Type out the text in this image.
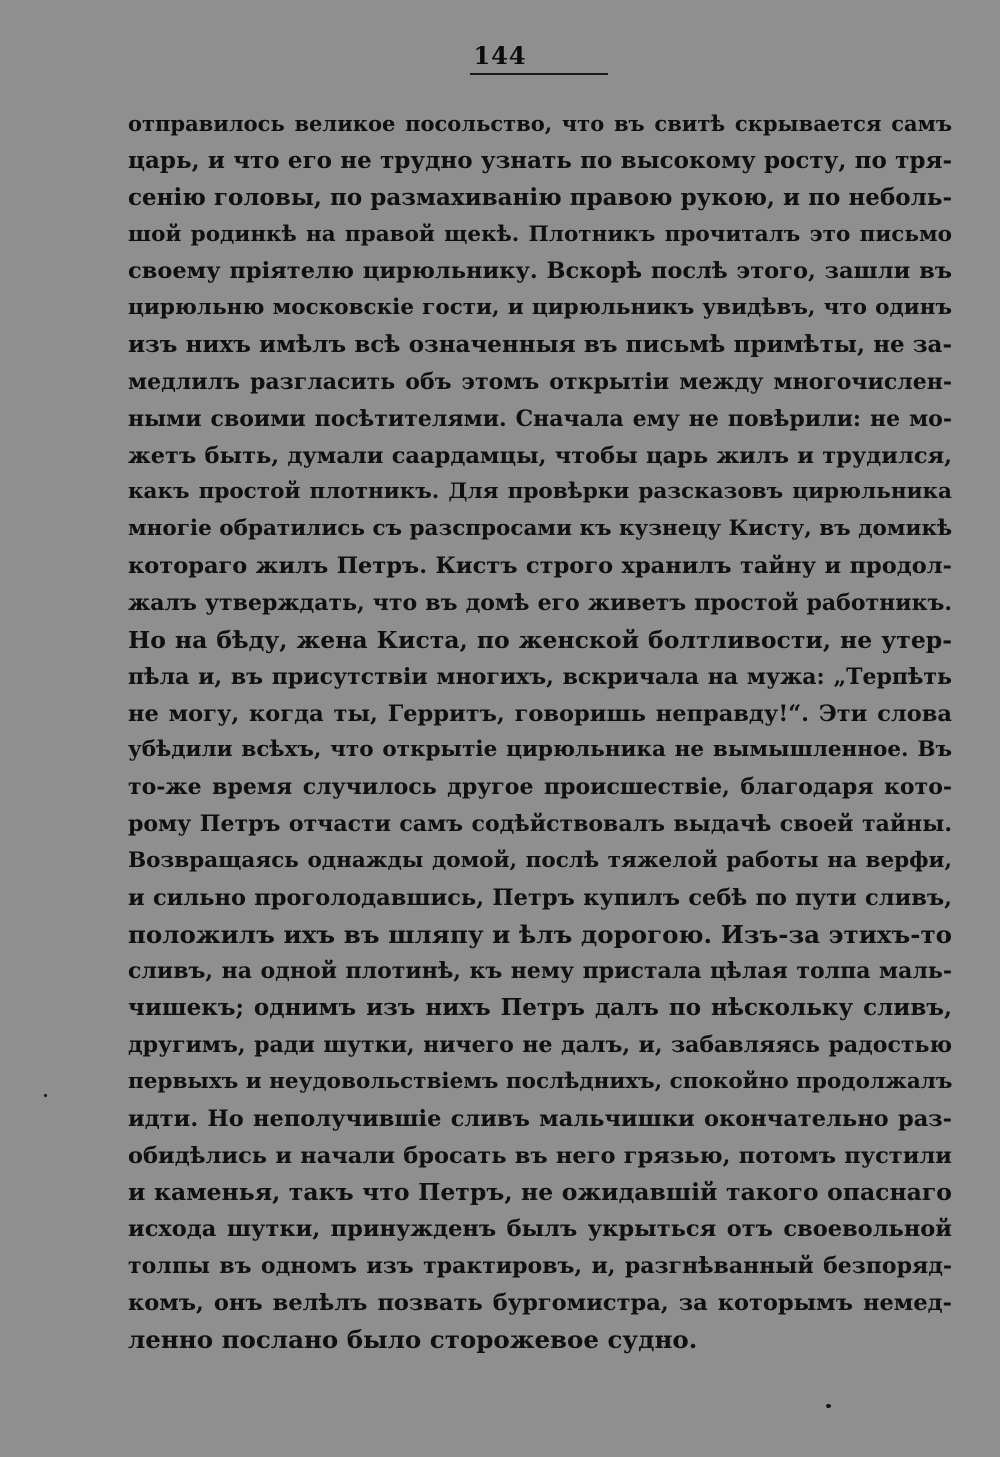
144
отправилось великое посольство, что въ свитѣ скрывается самъ
царь, и что его не трудно узнать по высокому росту, по тря-
сенію головы, по размахиванію правою рукою, и по неболь-
шой родинкѣ на правой щекѣ. Плотникъ прочиталъ это письмо
своему пріятелю цирюльнику. Вскорѣ послѣ этого, зашли въ
цирюльню московскіе гости, и цирюльникъ увидѣвъ, что одинъ
изъ нихъ имѣлъ всѣ означенныя въ письмѣ примѣты, не за-
медлилъ разгласить объ этомъ открытіи между многочислен-
ными своими посѣтителями. Сначала ему не повѣрили: не мо-
жетъ быть, думали саардамцы, чтобы царь жилъ и трудился,
какъ простой плотникъ. Для провѣрки разсказовъ цирюльника
многіе обратились съ разспросами къ кузнецу Кисту, въ домикѣ
котораго жилъ Петръ. Кистъ строго хранилъ тайну и продол-
жалъ утверждать, что въ домѣ его живетъ простой работникъ.
Но на бѣду, жена Киста, по женской болтливости, не утер-
пѣла и, въ присутствіи многихъ, вскричала на мужа: „Терпѣть
не могу, когда ты, Герритъ, говоришь неправду!“. Эти слова
убѣдили всѣхъ, что открытіе цирюльника не вымышленное. Въ
то-же время случилось другое происшествіе, благодаря кото-
рому Петръ отчасти самъ содѣйствовалъ выдачѣ своей тайны.
Возвращаясь однажды домой, послѣ тяжелой работы на верфи,
и сильно проголодавшись, Петръ купилъ себѣ по пути сливъ,
положилъ ихъ въ шляпу и ѣлъ дорогою. Изъ-за этихъ-то
сливъ, на одной плотинѣ, къ нему пристала цѣлая толпа маль-
чишекъ; однимъ изъ нихъ Петръ далъ по нѣскольку сливъ,
другимъ, ради шутки, ничего не далъ, и, забавляясь радостью
первыхъ и неудовольствіемъ послѣднихъ, спокойно продолжалъ
идти. Но неполучившіе сливъ мальчишки окончательно раз-
обидѣлись и начали бросать въ него грязью, потомъ пустили
и каменья, такъ что Петръ, не ожидавшій такого опаснаго
исхода шутки, принужденъ былъ укрыться отъ своевольной
толпы въ одномъ изъ трактировъ, и, разгнѣванный безпоряд-
комъ, онъ велѣлъ позвать бургомистра, за которымъ немед-
ленно послано было сторожевое судно.
